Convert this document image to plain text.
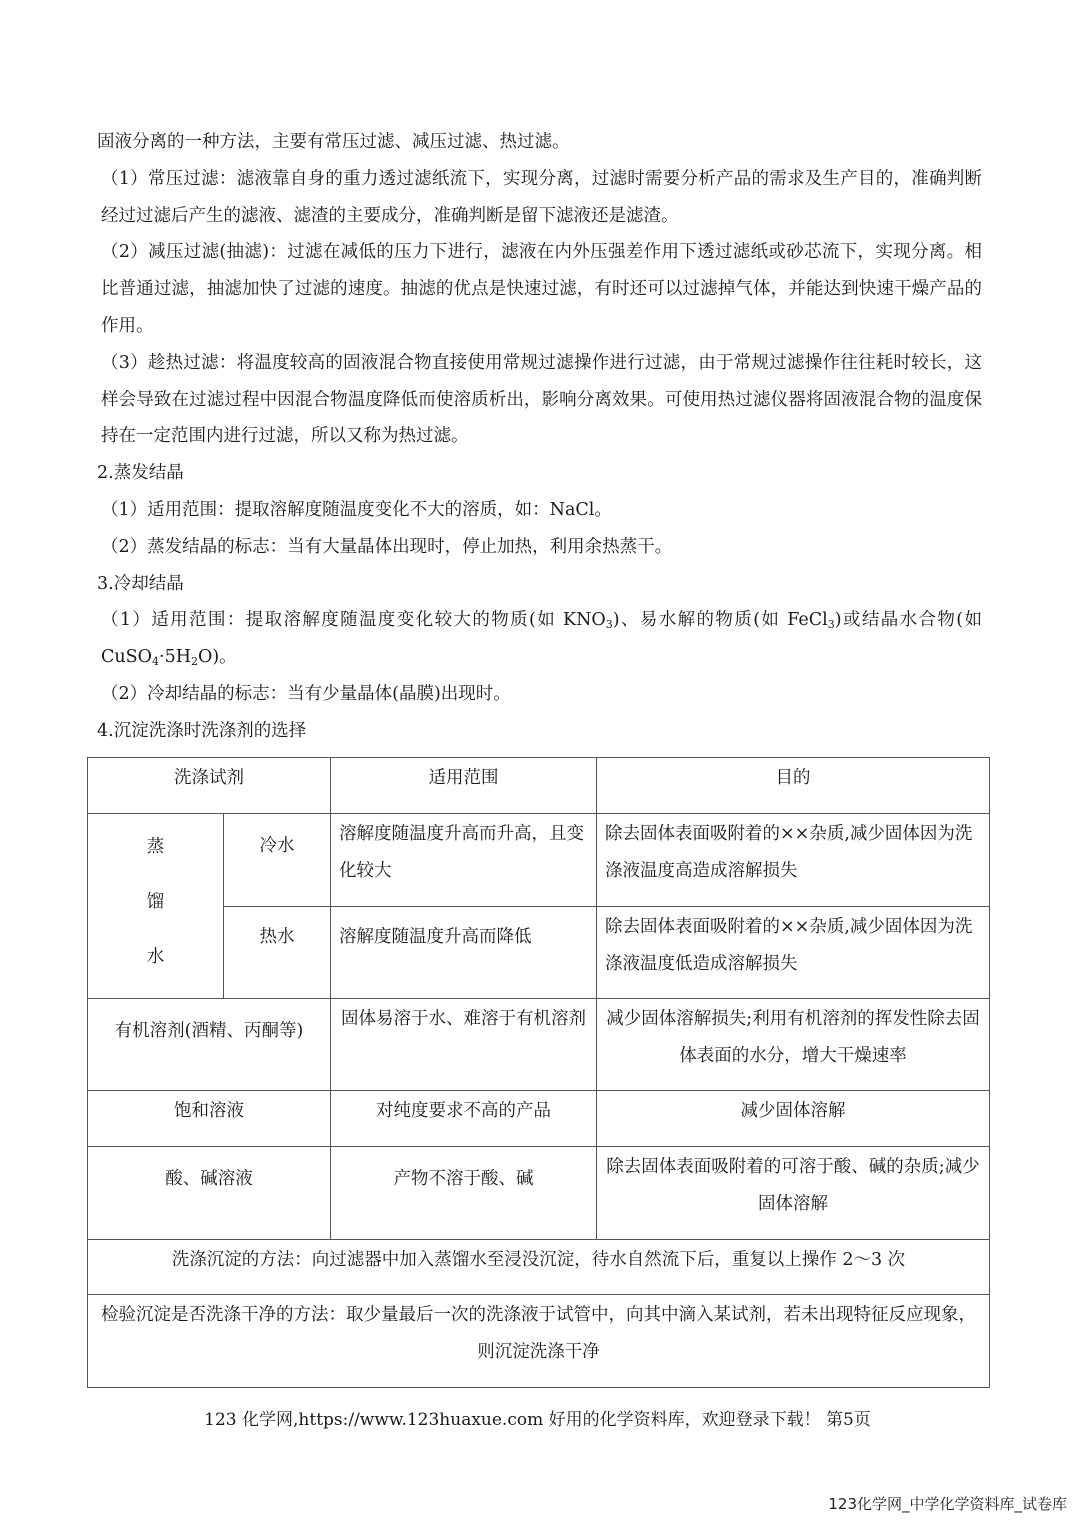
固液分离的一种方法，主要有常压过滤、减压过滤、热过滤。

（1）常压过滤：滤液靠自身的重力透过滤纸流下，实现分离，过滤时需要分析产品的需求及生产目的，准确判断经过过滤后产生的滤液、滤渣的主要成分，准确判断是留下滤液还是滤渣。

（2）减压过滤(抽滤)：过滤在减低的压力下进行，滤液在内外压强差作用下透过滤纸或砂芯流下，实现分离。相比普通过滤，抽滤加快了过滤的速度。抽滤的优点是快速过滤，有时还可以过滤掉气体，并能达到快速干燥产品的作用。

（3）趁热过滤：将温度较高的固液混合物直接使用常规过滤操作进行过滤，由于常规过滤操作往往耗时较长，这样会导致在过滤过程中因混合物温度降低而使溶质析出，影响分离效果。可使用热过滤仪器将固液混合物的温度保持在一定范围内进行过滤，所以又称为热过滤。

2.蒸发结晶

（1）适用范围：提取溶解度随温度变化不大的溶质，如：NaCl。

（2）蒸发结晶的标志：当有大量晶体出现时，停止加热，利用余热蒸干。

3.冷却结晶

（1）适用范围：提取溶解度随温度变化较大的物质(如 $KNO_3$)、易水解的物质(如 FeCl$_3$)或结晶水合物(如 $CuSO_4\cdot 5H_2O$)。

（2）冷却结晶的标志：当有少量晶体(晶膜)出现时。

4.沉淀洗涤时洗涤剂的选择

洗涤试剂		适用范围	目的

蒸
馏
水	冷水	溶解度随温度升高而升高，且变化较大	除去固体表面吸附着的××杂质,减少固体因为洗涤液温度高造成溶解损失
	热水	溶解度随温度升高而降低	除去固体表面吸附着的××杂质,减少固体因为洗涤液温度低造成溶解损失
有机溶剂(酒精、丙酮等)		固体易溶于水、难溶于有机溶剂	减少固体溶解损失;利用有机溶剂的挥发性除去固体表面的水分，增大干燥速率
饱和溶液		对纯度要求不高的产品	减少固体溶解
酸、碱溶液		产物不溶于酸、碱	除去固体表面吸附着的可溶于酸、碱的杂质;减少固体溶解
洗涤沉淀的方法：向过滤器中加入蒸馏水至浸没沉淀，待水自然流下后，重复以上操作 2～3 次			
检验沉淀是否洗涤干净的方法：取少量最后一次的洗涤液于试管中，向其中滴入某试剂，若未出现特征反应现象，则沉淀洗涤干净			
123 化学网,https://www.123huaxue.com 好用的化学资料库，欢迎登录下载！ 第5页
123化学网_中学化学资料库_试卷库
